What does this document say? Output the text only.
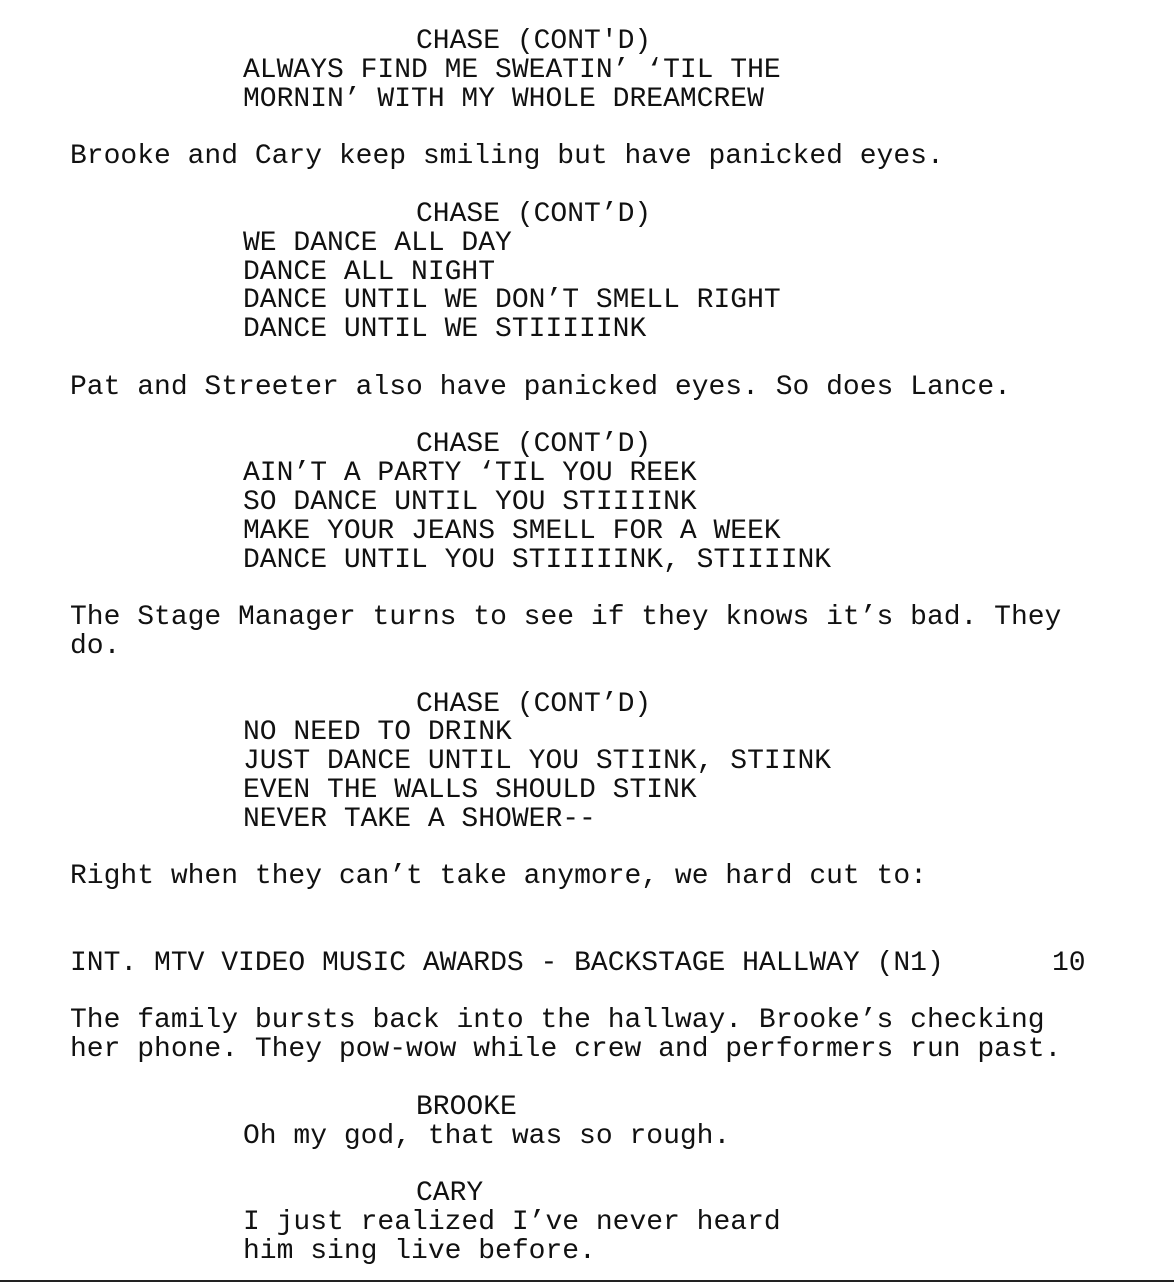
CHASE (CONT'D)
ALWAYS FIND ME SWEATIN’ ‘TIL THE
MORNIN’ WITH MY WHOLE DREAMCREW
Brooke and Cary keep smiling but have panicked eyes.
CHASE (CONT’D)
WE DANCE ALL DAY
DANCE ALL NIGHT
DANCE UNTIL WE DON’T SMELL RIGHT
DANCE UNTIL WE STIIIIINK
Pat and Streeter also have panicked eyes. So does Lance.
CHASE (CONT’D)
AIN’T A PARTY ‘TIL YOU REEK
SO DANCE UNTIL YOU STIIIINK
MAKE YOUR JEANS SMELL FOR A WEEK
DANCE UNTIL YOU STIIIIINK, STIIIINK
The Stage Manager turns to see if they knows it’s bad. They
do.
CHASE (CONT’D)
NO NEED TO DRINK
JUST DANCE UNTIL YOU STIINK, STIINK
EVEN THE WALLS SHOULD STINK
NEVER TAKE A SHOWER--
Right when they can’t take anymore, we hard cut to:
INT. MTV VIDEO MUSIC AWARDS - BACKSTAGE HALLWAY (N1)	10
The family bursts back into the hallway. Brooke’s checking
her phone. They pow-wow while crew and performers run past.
BROOKE
Oh my god, that was so rough.
CARY
I just realized I’ve never heard
him sing live before.
